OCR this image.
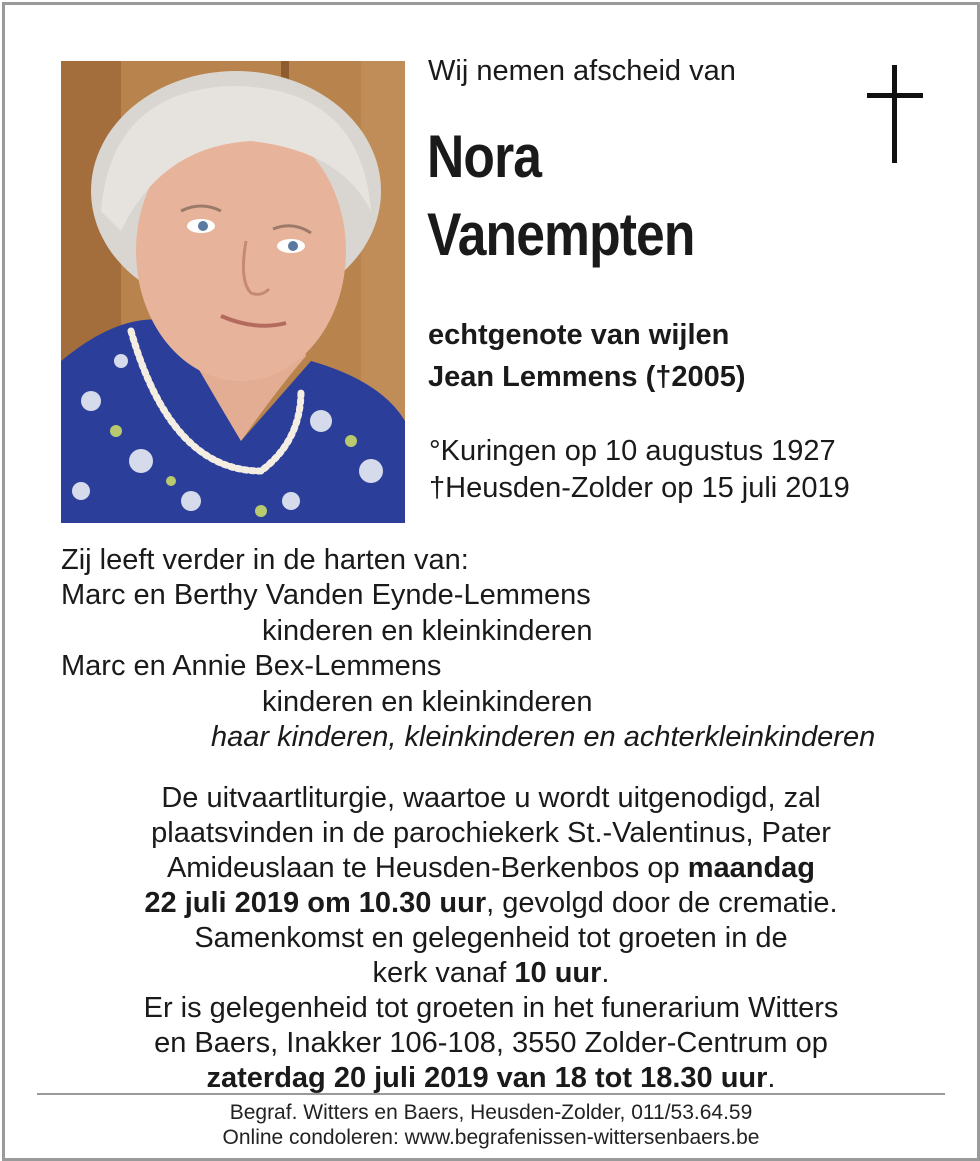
Wij nemen afscheid van
Nora
Vanempten
echtgenote van wijlen
Jean Lemmens (†2005)
°Kuringen op 10 augustus 1927
†Heusden-Zolder op 15 juli 2019
Zij leeft verder in de harten van:
Marc en Berthy Vanden Eynde-Lemmens
kinderen en kleinkinderen
Marc en Annie Bex-Lemmens
kinderen en kleinkinderen
haar kinderen, kleinkinderen en achterkleinkinderen
De uitvaartliturgie, waartoe u wordt uitgenodigd, zal
plaatsvinden in de parochiekerk St.-Valentinus, Pater
Amideuslaan te Heusden-Berkenbos op maandag
22 juli 2019 om 10.30 uur, gevolgd door de crematie.
Samenkomst en gelegenheid tot groeten in de
kerk vanaf 10 uur.
Er is gelegenheid tot groeten in het funerarium Witters
en Baers, Inakker 106-108, 3550 Zolder-Centrum op
zaterdag 20 juli 2019 van 18 tot 18.30 uur.
Begraf. Witters en Baers, Heusden-Zolder, 011/53.64.59
Online condoleren: www.begrafenissen-wittersenbaers.be
